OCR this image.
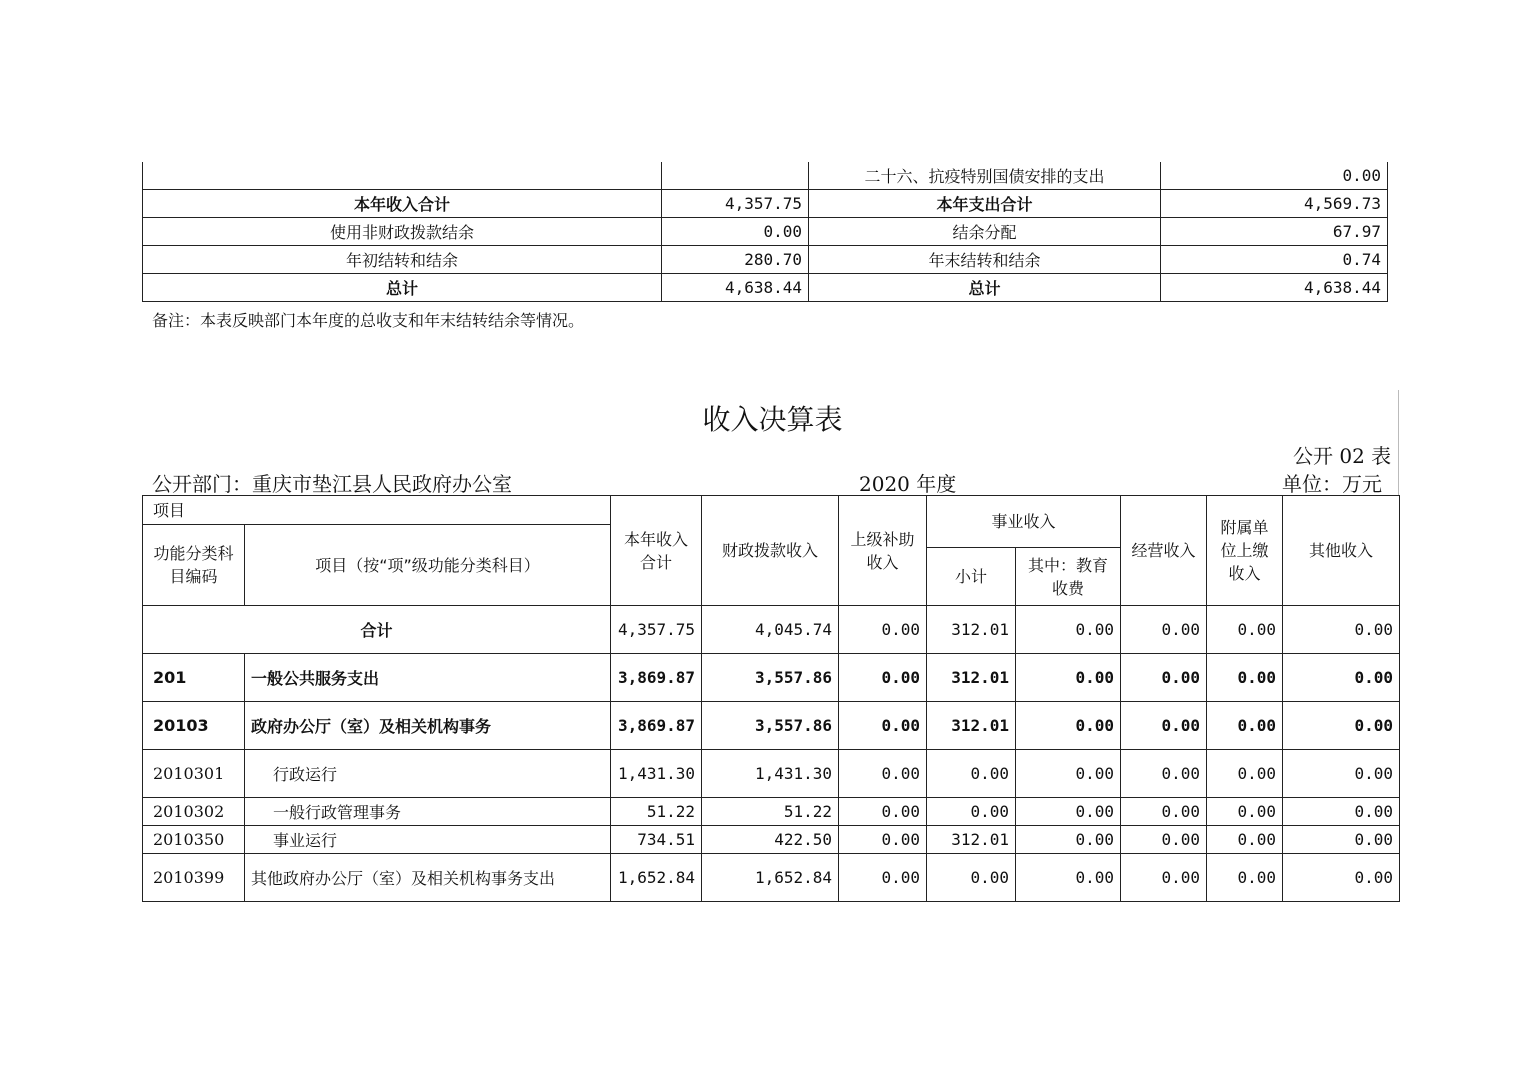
		二十六、抗疫特别国债安排的支出	0.00
本年收入合计	4,357.75	本年支出合计	4,569.73
使用非财政拨款结余	0.00	结余分配	67.97
年初结转和结余	280.70	年末结转和结余	0.74
总计	4,638.44	总计	4,638.44
备注：本表反映部门本年度的总收支和年末结转结余等情况。
收入决算表
公开 02 表
公开部门：重庆市垫江县人民政府办公室	2020 年度	单位：万元
项目		本年收入合计	财政拨款收入	上级补助收入	事业收入		经营收入	附属单位上缴收入	其他收入
功能分类科目编码	项目（按“项”级功能分类科目）								
					小计	其中：教育收费			
合计		4,357.75	4,045.74	0.00	312.01	0.00	0.00	0.00	0.00
201	一般公共服务支出	3,869.87	3,557.86	0.00	312.01	0.00	0.00	0.00	0.00
20103	政府办公厅（室）及相关机构事务	3,869.87	3,557.86	0.00	312.01	0.00	0.00	0.00	0.00
2010301	行政运行	1,431.30	1,431.30	0.00	0.00	0.00	0.00	0.00	0.00
2010302	一般行政管理事务	51.22	51.22	0.00	0.00	0.00	0.00	0.00	0.00
2010350	事业运行	734.51	422.50	0.00	312.01	0.00	0.00	0.00	0.00
2010399	其他政府办公厅（室）及相关机构事务支出	1,652.84	1,652.84	0.00	0.00	0.00	0.00	0.00	0.00
